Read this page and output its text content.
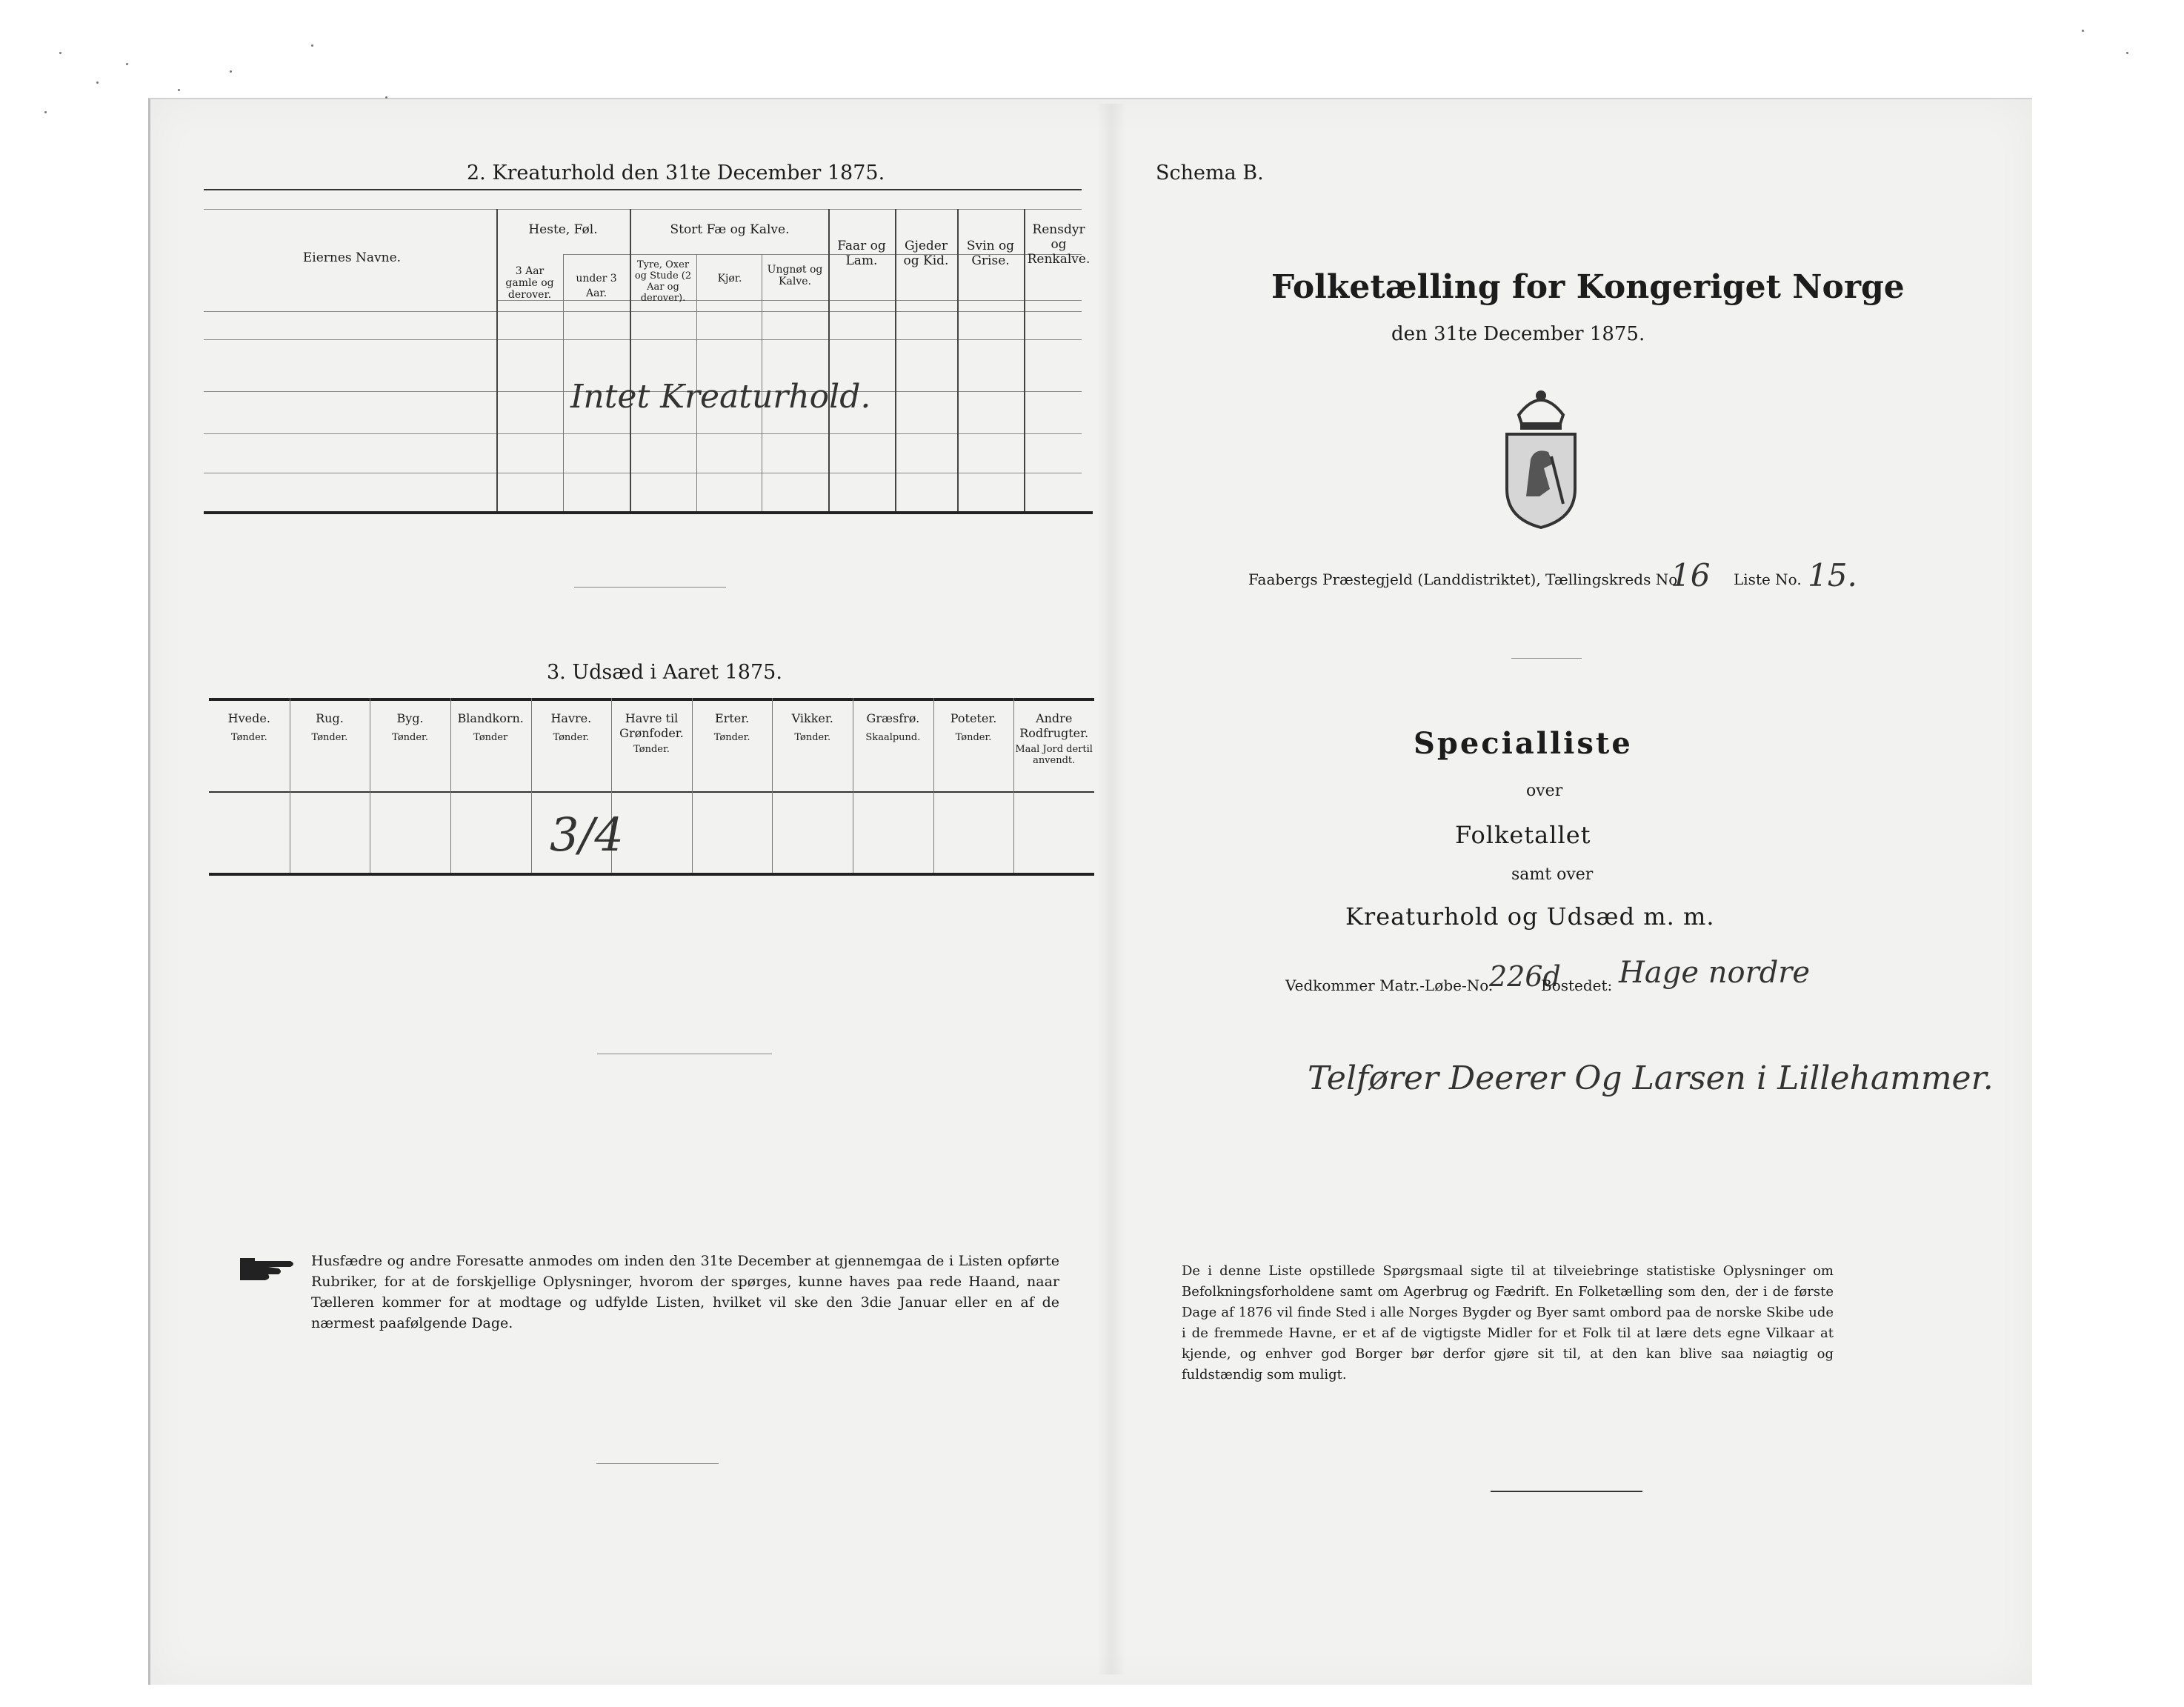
2. Kreaturhold den 31te December 1875.
Eiernes Navne.
Heste, Føl.
3 Aar gamle og derover.
under 3 Aar.
Stort Fæ og Kalve.
Tyre, Oxer og Stude (2 Aar og derover).
Kjør.
Ungnøt og Kalve.
Faar og Lam.
Gjeder og Kid.
Svin og Grise.
Rensdyr og Renkalve.
Intet Kreaturhold.
3. Udsæd i Aaret 1875.
Hvede.
Tønder.
Rug.
Tønder.
Byg.
Tønder.
Blandkorn.
Tønder
Havre.
Tønder.
Havre til Grønfoder.
Tønder.
Erter.
Tønder.
Vikker.
Tønder.
Græsfrø.
Skaalpund.
Poteter.
Tønder.
Andre Rodfrugter.
Maal Jord dertil anvendt.
3/4
Husfædre og andre Foresatte anmodes om inden den 31te December at gjennemgaa de i Listen opførte Rubriker, for at de forskjellige Oplysninger, hvorom der spørges, kunne haves paa rede Haand, naar Tælleren kommer for at modtage og udfylde Listen, hvilket vil ske den 3die Januar eller en af de nærmest paafølgende Dage.
Schema B.
Folketælling for Kongeriget Norge
den 31te December 1875.
Faabergs Præstegjeld (Landdistriktet), Tællingskreds No.
16 Liste No. 15.
Specialliste
over
Folketallet
samt over
Kreaturhold og Udsæd m. m.
Vedkommer Matr.-Løbe-No.
226d
Bostedet: Hage nordre
Telfører Deerer Og Larsen i Lillehammer.
De i denne Liste opstillede Spørgsmaal sigte til at tilveiebringe statistiske Oplysninger om Befolkningsforholdene samt om Agerbrug og Fædrift. En Folketælling som den, der i de første Dage af 1876 vil finde Sted i alle Norges Bygder og Byer samt ombord paa de norske Skibe ude i de fremmede Havne, er et af de vigtigste Midler for et Folk til at lære dets egne Vilkaar at kjende, og enhver god Borger bør derfor gjøre sit til, at den kan blive saa nøiagtig og fuldstændig som muligt.
